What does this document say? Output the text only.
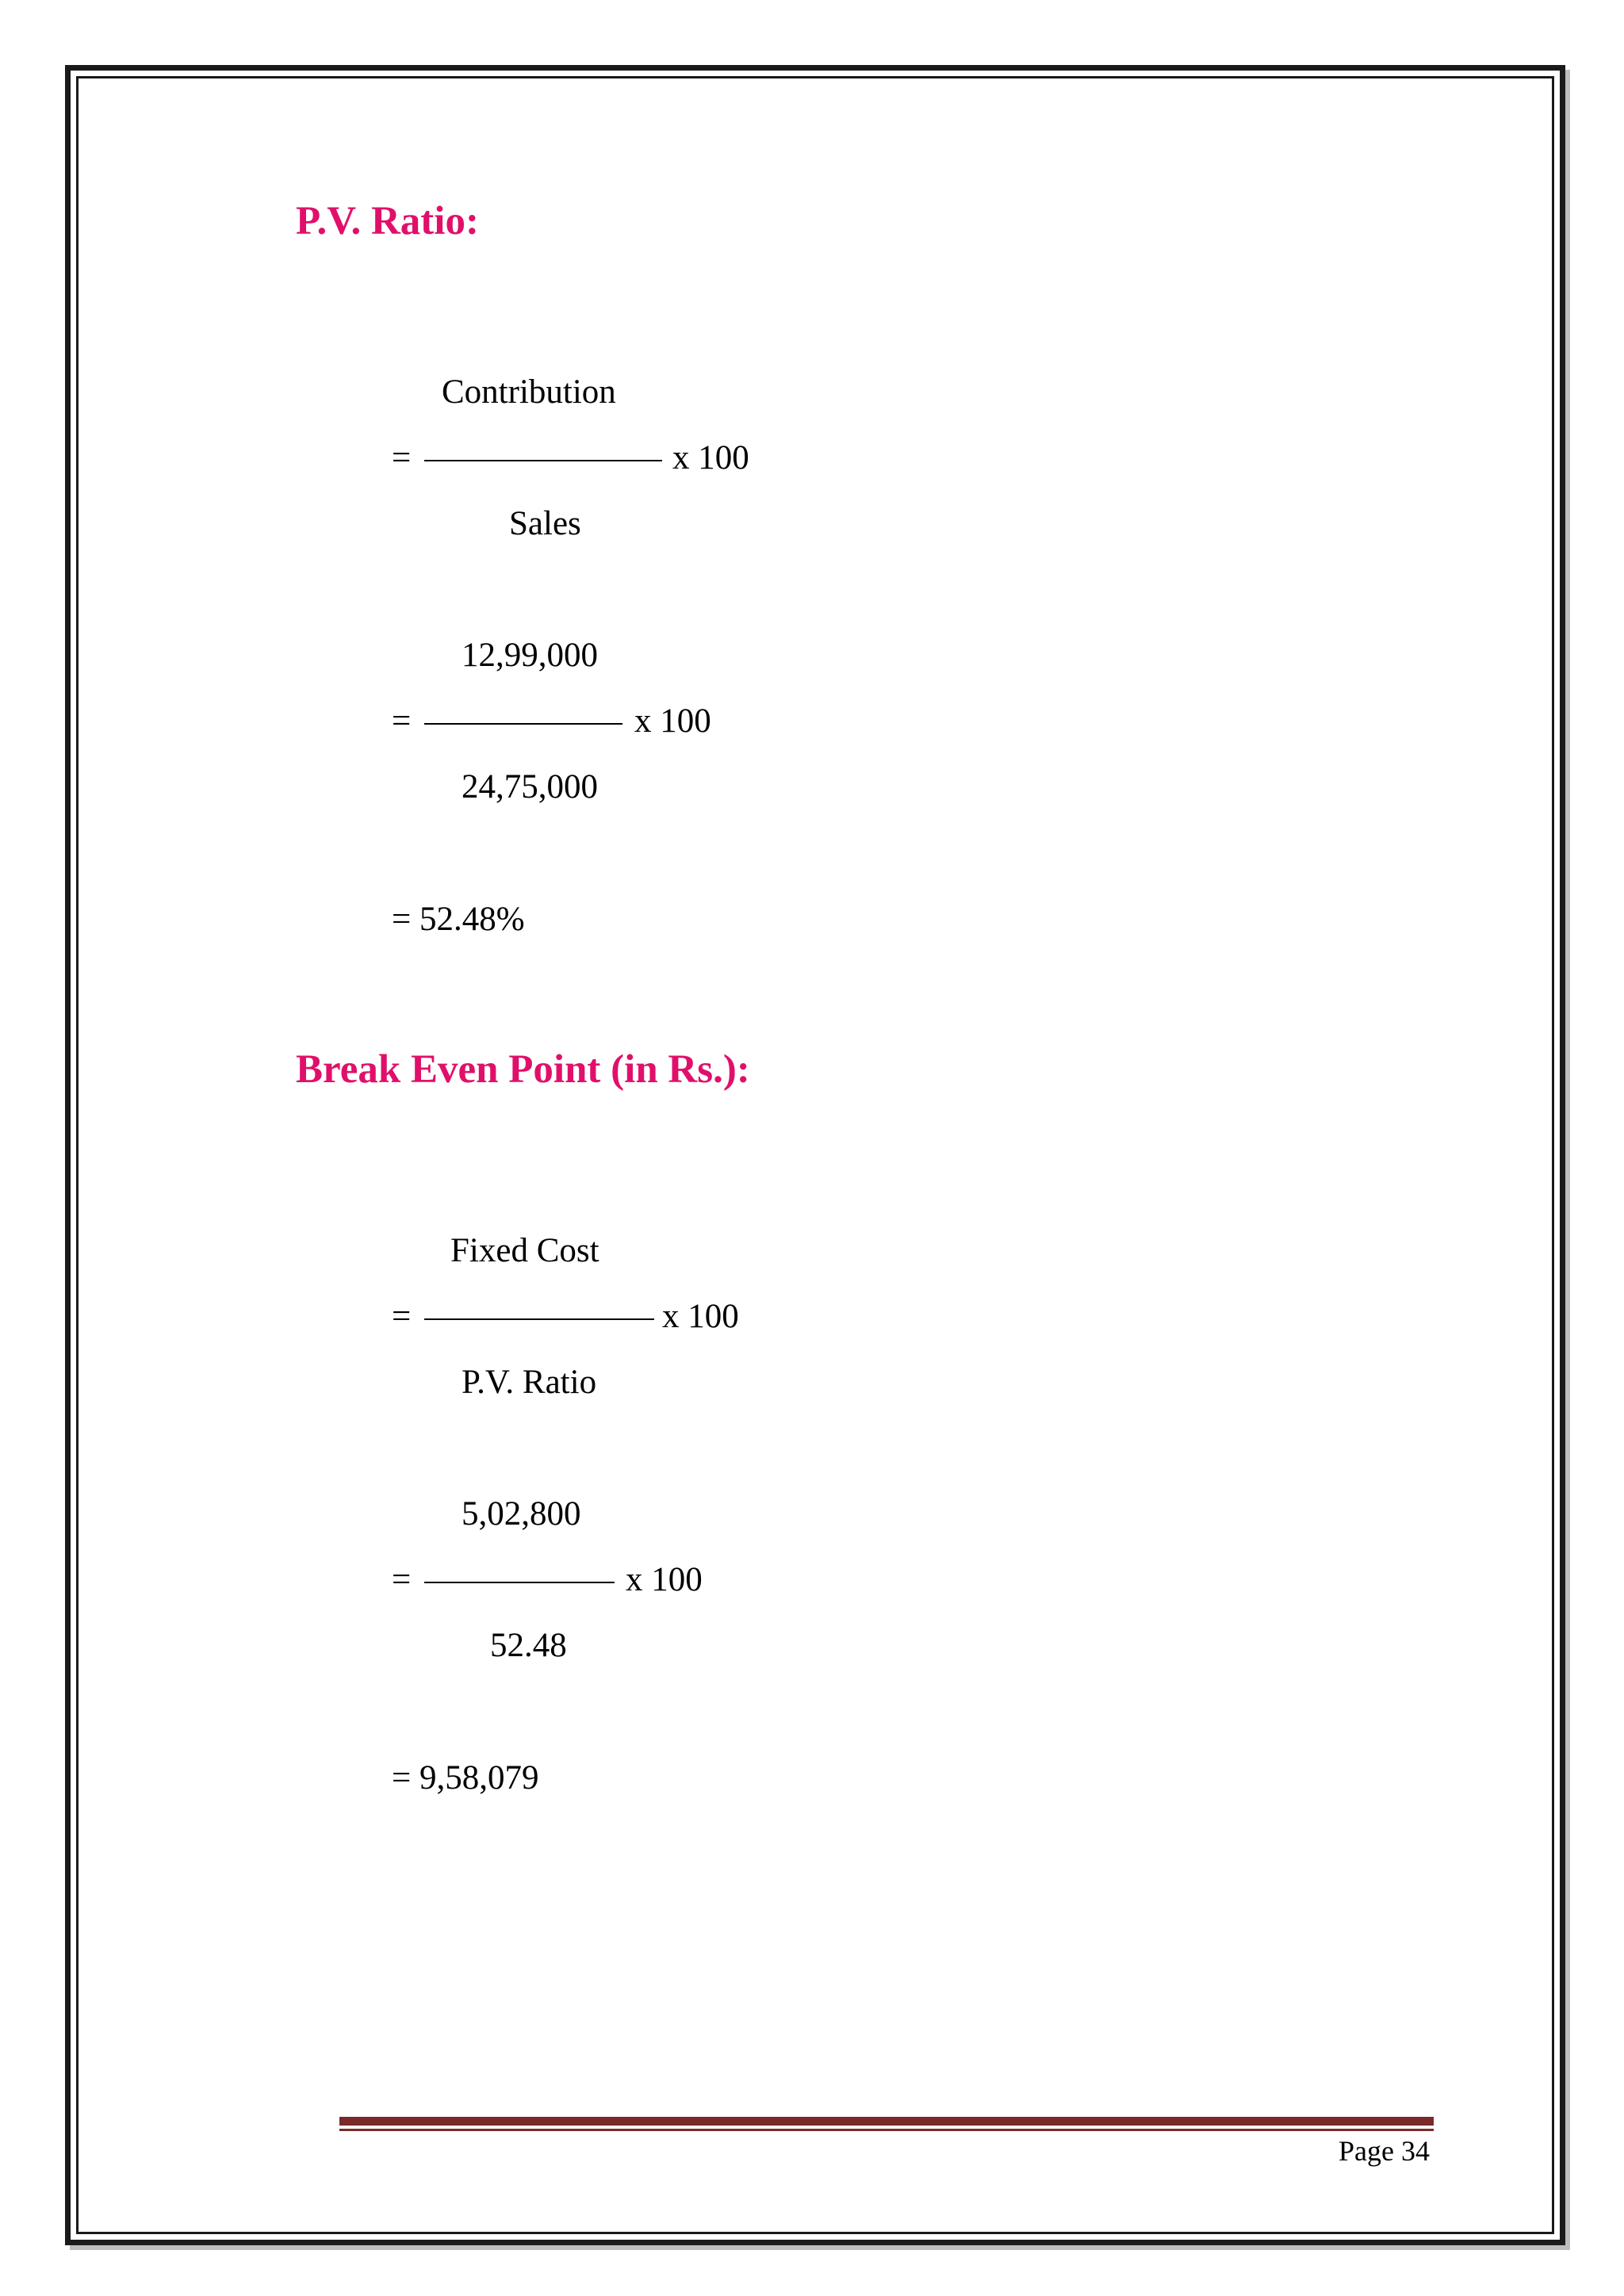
P.V. Ratio:
Contribution
=	x 100
Sales
12,99,000
=	x 100
24,75,000
= 52.48%
Break Even Point (in Rs.):
Fixed Cost
=	x 100
P.V. Ratio
5,02,800
=	x 100
52.48
= 9,58,079
Page 34
